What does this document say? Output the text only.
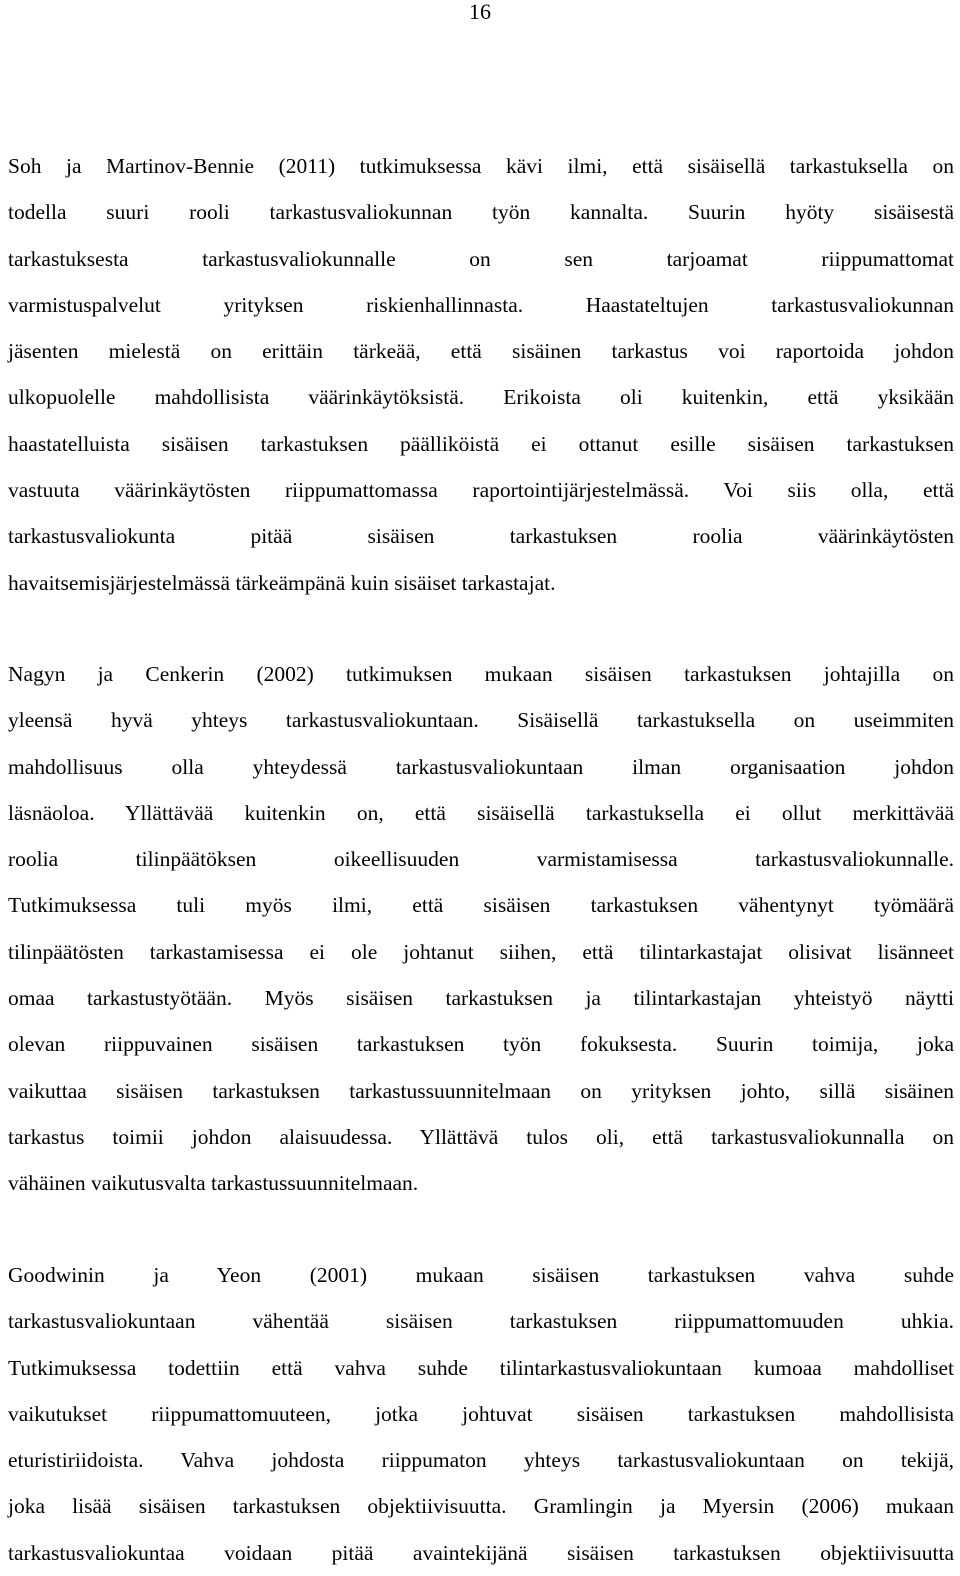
16
Soh ja Martinov-Bennie (2011) tutkimuksessa kävi ilmi, että sisäisellä tarkastuksella on
todella suuri rooli tarkastusvaliokunnan työn kannalta. Suurin hyöty sisäisestä
tarkastuksesta tarkastusvaliokunnalle on sen tarjoamat riippumattomat
varmistuspalvelut yrityksen riskienhallinnasta. Haastateltujen tarkastusvaliokunnan
jäsenten mielestä on erittäin tärkeää, että sisäinen tarkastus voi raportoida johdon
ulkopuolelle mahdollisista väärinkäytöksistä. Erikoista oli kuitenkin, että yksikään
haastatelluista sisäisen tarkastuksen päälliköistä ei ottanut esille sisäisen tarkastuksen
vastuuta väärinkäytösten riippumattomassa raportointijärjestelmässä. Voi siis olla, että
tarkastusvaliokunta pitää sisäisen tarkastuksen roolia väärinkäytösten
havaitsemisjärjestelmässä tärkeämpänä kuin sisäiset tarkastajat.
Nagyn ja Cenkerin (2002) tutkimuksen mukaan sisäisen tarkastuksen johtajilla on
yleensä hyvä yhteys tarkastusvaliokuntaan. Sisäisellä tarkastuksella on useimmiten
mahdollisuus olla yhteydessä tarkastusvaliokuntaan ilman organisaation johdon
läsnäoloa. Yllättävää kuitenkin on, että sisäisellä tarkastuksella ei ollut merkittävää
roolia tilinpäätöksen oikeellisuuden varmistamisessa tarkastusvaliokunnalle.
Tutkimuksessa tuli myös ilmi, että sisäisen tarkastuksen vähentynyt työmäärä
tilinpäätösten tarkastamisessa ei ole johtanut siihen, että tilintarkastajat olisivat lisänneet
omaa tarkastustyötään. Myös sisäisen tarkastuksen ja tilintarkastajan yhteistyö näytti
olevan riippuvainen sisäisen tarkastuksen työn fokuksesta. Suurin toimija, joka
vaikuttaa sisäisen tarkastuksen tarkastussuunnitelmaan on yrityksen johto, sillä sisäinen
tarkastus toimii johdon alaisuudessa. Yllättävä tulos oli, että tarkastusvaliokunnalla on
vähäinen vaikutusvalta tarkastussuunnitelmaan.
Goodwinin ja Yeon (2001) mukaan sisäisen tarkastuksen vahva suhde
tarkastusvaliokuntaan vähentää sisäisen tarkastuksen riippumattomuuden uhkia.
Tutkimuksessa todettiin että vahva suhde tilintarkastusvaliokuntaan kumoaa mahdolliset
vaikutukset riippumattomuuteen, jotka johtuvat sisäisen tarkastuksen mahdollisista
eturistiriidoista. Vahva johdosta riippumaton yhteys tarkastusvaliokuntaan on tekijä,
joka lisää sisäisen tarkastuksen objektiivisuutta. Gramlingin ja Myersin (2006) mukaan
tarkastusvaliokuntaa voidaan pitää avaintekijänä sisäisen tarkastuksen objektiivisuutta
